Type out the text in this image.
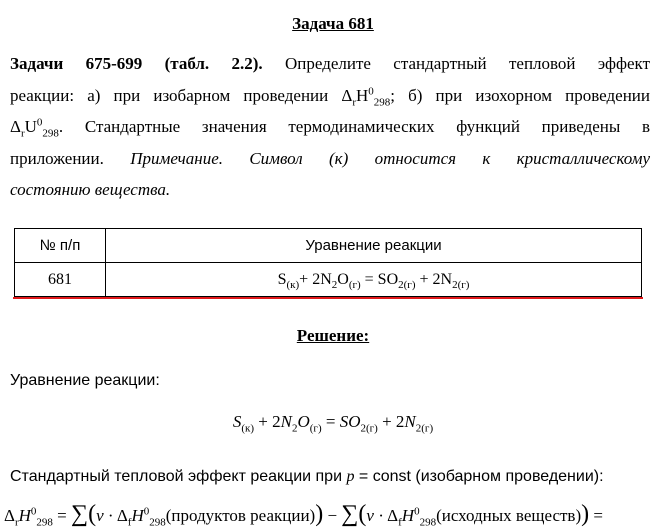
Задача 681
Задачи 675-699 (табл. 2.2). Определите стандартный тепловой эффект
реакции: а) при изобарном проведении $\Delta_rH^0_{298}$; б) при изохорном проведении
$\Delta_rU^0_{298}$. Стандартные значения термодинамических функций приведены в
приложении. Примечание. Символ (к) относится к кристаллическому
состоянию вещества.
№ п/п	Уравнение реакции
681	$S_{(к)}+ 2N_2O_{(г)} = SO_{2(г)} + 2N_{2(г)}$
Решение:
Уравнение реакции:
$S_{(к)} + 2N_2O_{(г)} = SO_{2(г)} + 2N_{2(г)}$
Стандартный тепловой эффект реакции при p = const (изобарном проведении):
$\Delta_rH^0_{298} = \sum(\nu$ · $\Delta_fH^0_{298}(продуктов$ реакции)) − $\sum(\nu \cdot \Delta_fH^0_{298}(исходных$ веществ)) =
